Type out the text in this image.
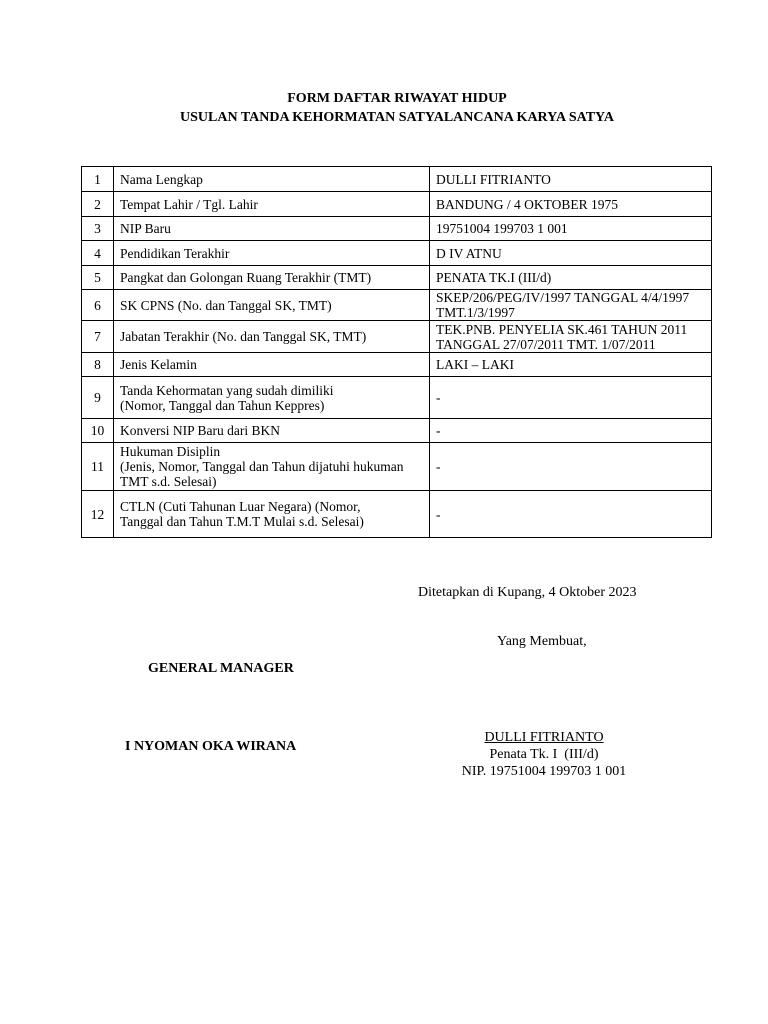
FORM DAFTAR RIWAYAT HIDUP
USULAN TANDA KEHORMATAN SATYALANCANA KARYA SATYA
1	Nama Lengkap	DULLI FITRIANTO
2	Tempat Lahir / Tgl. Lahir	BANDUNG / 4 OKTOBER 1975
3	NIP Baru	19751004 199703 1 001
4	Pendidikan Terakhir	D IV ATNU
5	Pangkat dan Golongan Ruang Terakhir (TMT)	PENATA TK.I (III/d)
6	SK CPNS (No. dan Tanggal SK, TMT)	SKEP/206/PEG/IV/1997 TANGGAL 4/4/1997
TMT.1/3/1997

7	Jabatan Terakhir (No. dan Tanggal SK, TMT)	TEK.PNB. PENYELIA SK.461 TAHUN 2011
TANGGAL 27/07/2011 TMT. 1/07/2011

8	Jenis Kelamin	LAKI – LAKI
9	Tanda Kehormatan yang sudah dimiliki
(Nomor, Tanggal dan Tahun Keppres)	-
10	Konversi NIP Baru dari BKN	-
11	Hukuman Disiplin
(Jenis, Nomor, Tanggal dan Tahun dijatuhi hukuman
TMT s.d. Selesai)	-
12	CTLN (Cuti Tahunan Luar Negara) (Nomor,
Tanggal dan Tahun T.M.T Mulai s.d. Selesai)	-
Ditetapkan di Kupang, 4 Oktober 2023
Yang Membuat,
GENERAL MANAGER
I NYOMAN OKA WIRANA
DULLI FITRIANTO
Penata Tk. I  (III/d)
NIP. 19751004 199703 1 001
